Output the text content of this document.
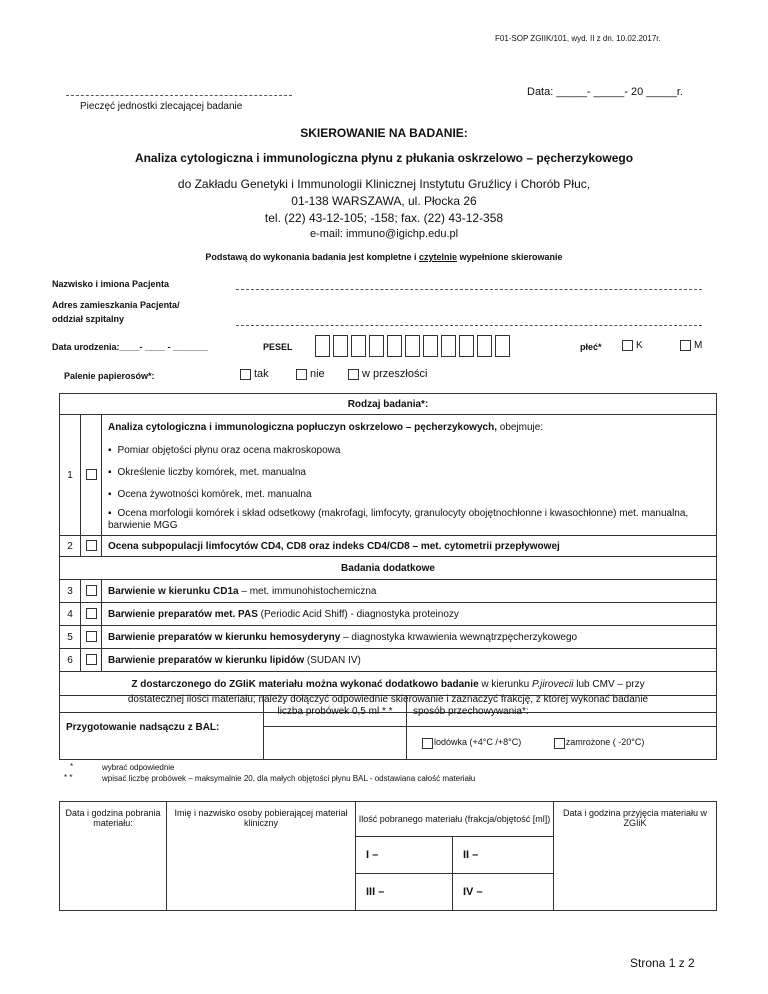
F01-SOP ZGIIK/101, wyd. II z dn. 10.02.2017r.
Data: _____- _____- 20 _____r.
Pieczęć jednostki zlecającej badanie
SKIEROWANIE NA BADANIE:
Analiza cytologiczna i immunologiczna płynu z płukania oskrzelowo – pęcherzykowego
do Zakładu Genetyki i Immunologii Klinicznej Instytutu Gruźlicy i Chorób Płuc,
01-138 WARSZAWA, ul. Płocka 26
tel. (22) 43-12-105; -158; fax. (22) 43-12-358
e-mail: immuno@igichp.edu.pl
Podstawą do wykonania badania jest kompletne i czytelnie wypełnione skierowanie
Nazwisko i imiona Pacjenta
Adres zamieszkania Pacjenta/
oddział szpitalny
Data urodzenia:____- ____ - _______	PESEL	płeć*	K	M
Palenie papierosów*:	tak	nie	w przeszłości
Rodzaj badania*:		
1		Analiza cytologiczna i immunologiczna popłuczyn oskrzelowo – pęcherzykowych, obejmuje:
		▪ Pomiar objętości płynu oraz ocena makroskopowa
		▪ Określenie liczby komórek, met. manualna
		▪ Ocena żywotności komórek, met. manualna
		▪ Ocena morfologii komórek i skład odsetkowy (makrofagi, limfocyty, granulocyty obojętnochłonne i kwasochłonne) met. manualna, barwienie MGG
2		Ocena subpopulacji limfocytów CD4, CD8 oraz indeks CD4/CD8 – met. cytometrii przepływowej
Badania dodatkowe		
3		Barwienie w kierunku CD1a – met. immunohistochemiczna
4		Barwienie preparatów met. PAS (Periodic Acid Shiff) - diagnostyka proteinozy
5		Barwienie preparatów w kierunku hemosyderyny – diagnostyka krwawienia wewnątrzpęcherzykowego
6		Barwienie preparatów w kierunku lipidów (SUDAN IV)
Z dostarczonego do ZGIiK materiału można wykonać dodatkowo badanie w kierunku P.jirovecii lub CMV – przy
dostatecznej ilości materiału; należy dołączyć odpowiednie skierowanie i zaznaczyć frakcję, z której wykonać badanie		
Przygotowanie nadsączu z BAL:	liczba probówek 0,5 ml * *	sposób przechowywania*:
		lodówka (+4°C /+8°C) zamrożone ( -20°C)
*	wybrać odpowiednie
* *	wpisać liczbę probówek – maksymalnie 20, dla małych objętości płynu BAL - odstawiana całość materiału
Data i godzina pobrania materiału:	Imię i nazwisko osoby pobierającej materiał kliniczny	Ilość pobranego materiału (frakcja/objętość [ml])		Data i godzina przyjęcia materiału w ZGIiK
		I –	II –	
		III –	IV –	
Strona 1 z 2
